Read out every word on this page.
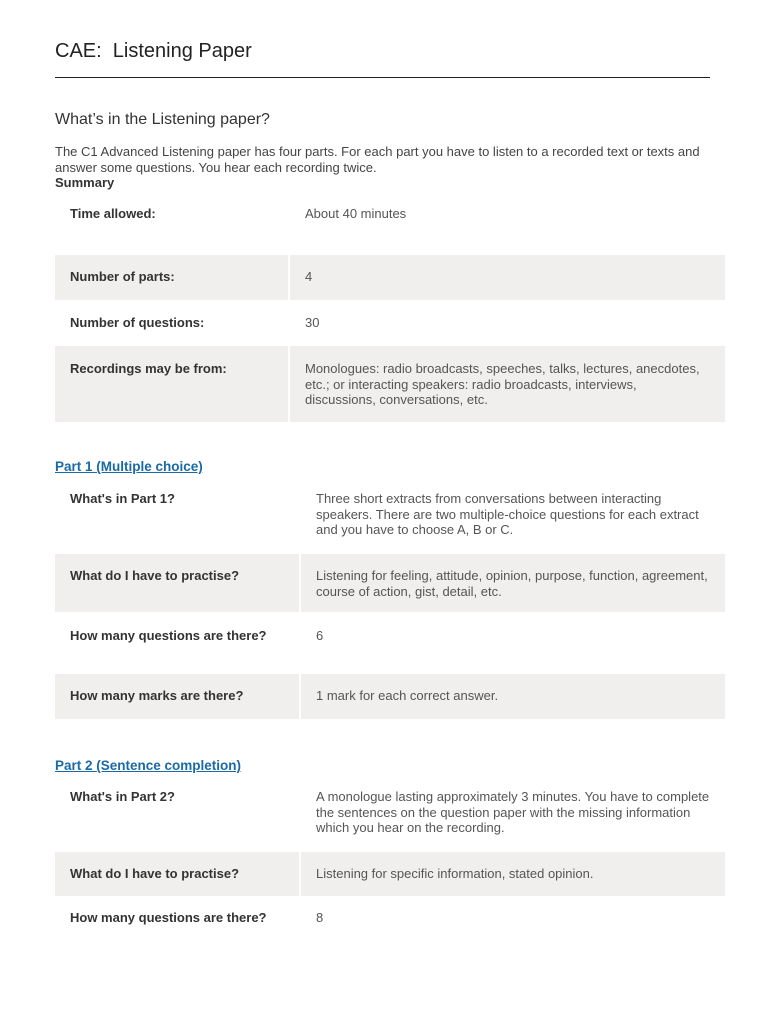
CAE:  Listening Paper
What’s in the Listening paper?
The C1 Advanced Listening paper has four parts. For each part you have to listen to a recorded text or texts and answer some questions. You hear each recording twice.
Summary
Time allowed:	About 40 minutes
Number of parts:	4
Number of questions:	30
Recordings may be from:	Monologues: radio broadcasts, speeches, talks, lectures, anecdotes, etc.; or interacting speakers: radio broadcasts, interviews, discussions, conversations, etc.
Part 1 (Multiple choice)
What's in Part 1?	Three short extracts from conversations between interacting speakers. There are two multiple-choice questions for each extract and you have to choose A, B or C.
What do I have to practise?	Listening for feeling, attitude, opinion, purpose, function, agreement, course of action, gist, detail, etc.
How many questions are there?	6
How many marks are there?	1 mark for each correct answer.
Part 2 (Sentence completion)
What's in Part 2?	A monologue lasting approximately 3 minutes. You have to complete the sentences on the question paper with the missing information which you hear on the recording.
What do I have to practise?	Listening for specific information, stated opinion.
How many questions are there?	8
